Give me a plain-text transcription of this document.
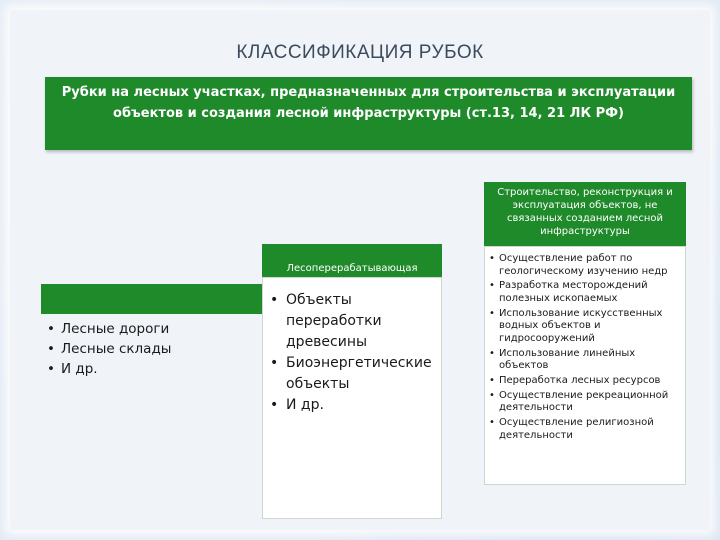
КЛАССИФИКАЦИЯ РУБОК
Рубки на лесных участках, предназначенных для строительства и эксплуатации объектов и создания лесной инфраструктуры (ст.13, 14, 21 ЛК РФ)
• Лесные дороги
• Лесные склады
• И др.
Лесоперерабатывающая
• Объекты переработки древесины
• Биоэнергетические объекты
• И др.
Строительство, реконструкция и эксплуатация объектов, не связанных созданием лесной инфраструктуры
• Осуществление работ по геологическому изучению недр
• Разработка месторождений полезных ископаемых
• Использование искусственных водных объектов и гидросооружений
• Использование линейных объектов
• Переработка лесных ресурсов
• Осуществление рекреационной деятельности
• Осуществление религиозной деятельности
